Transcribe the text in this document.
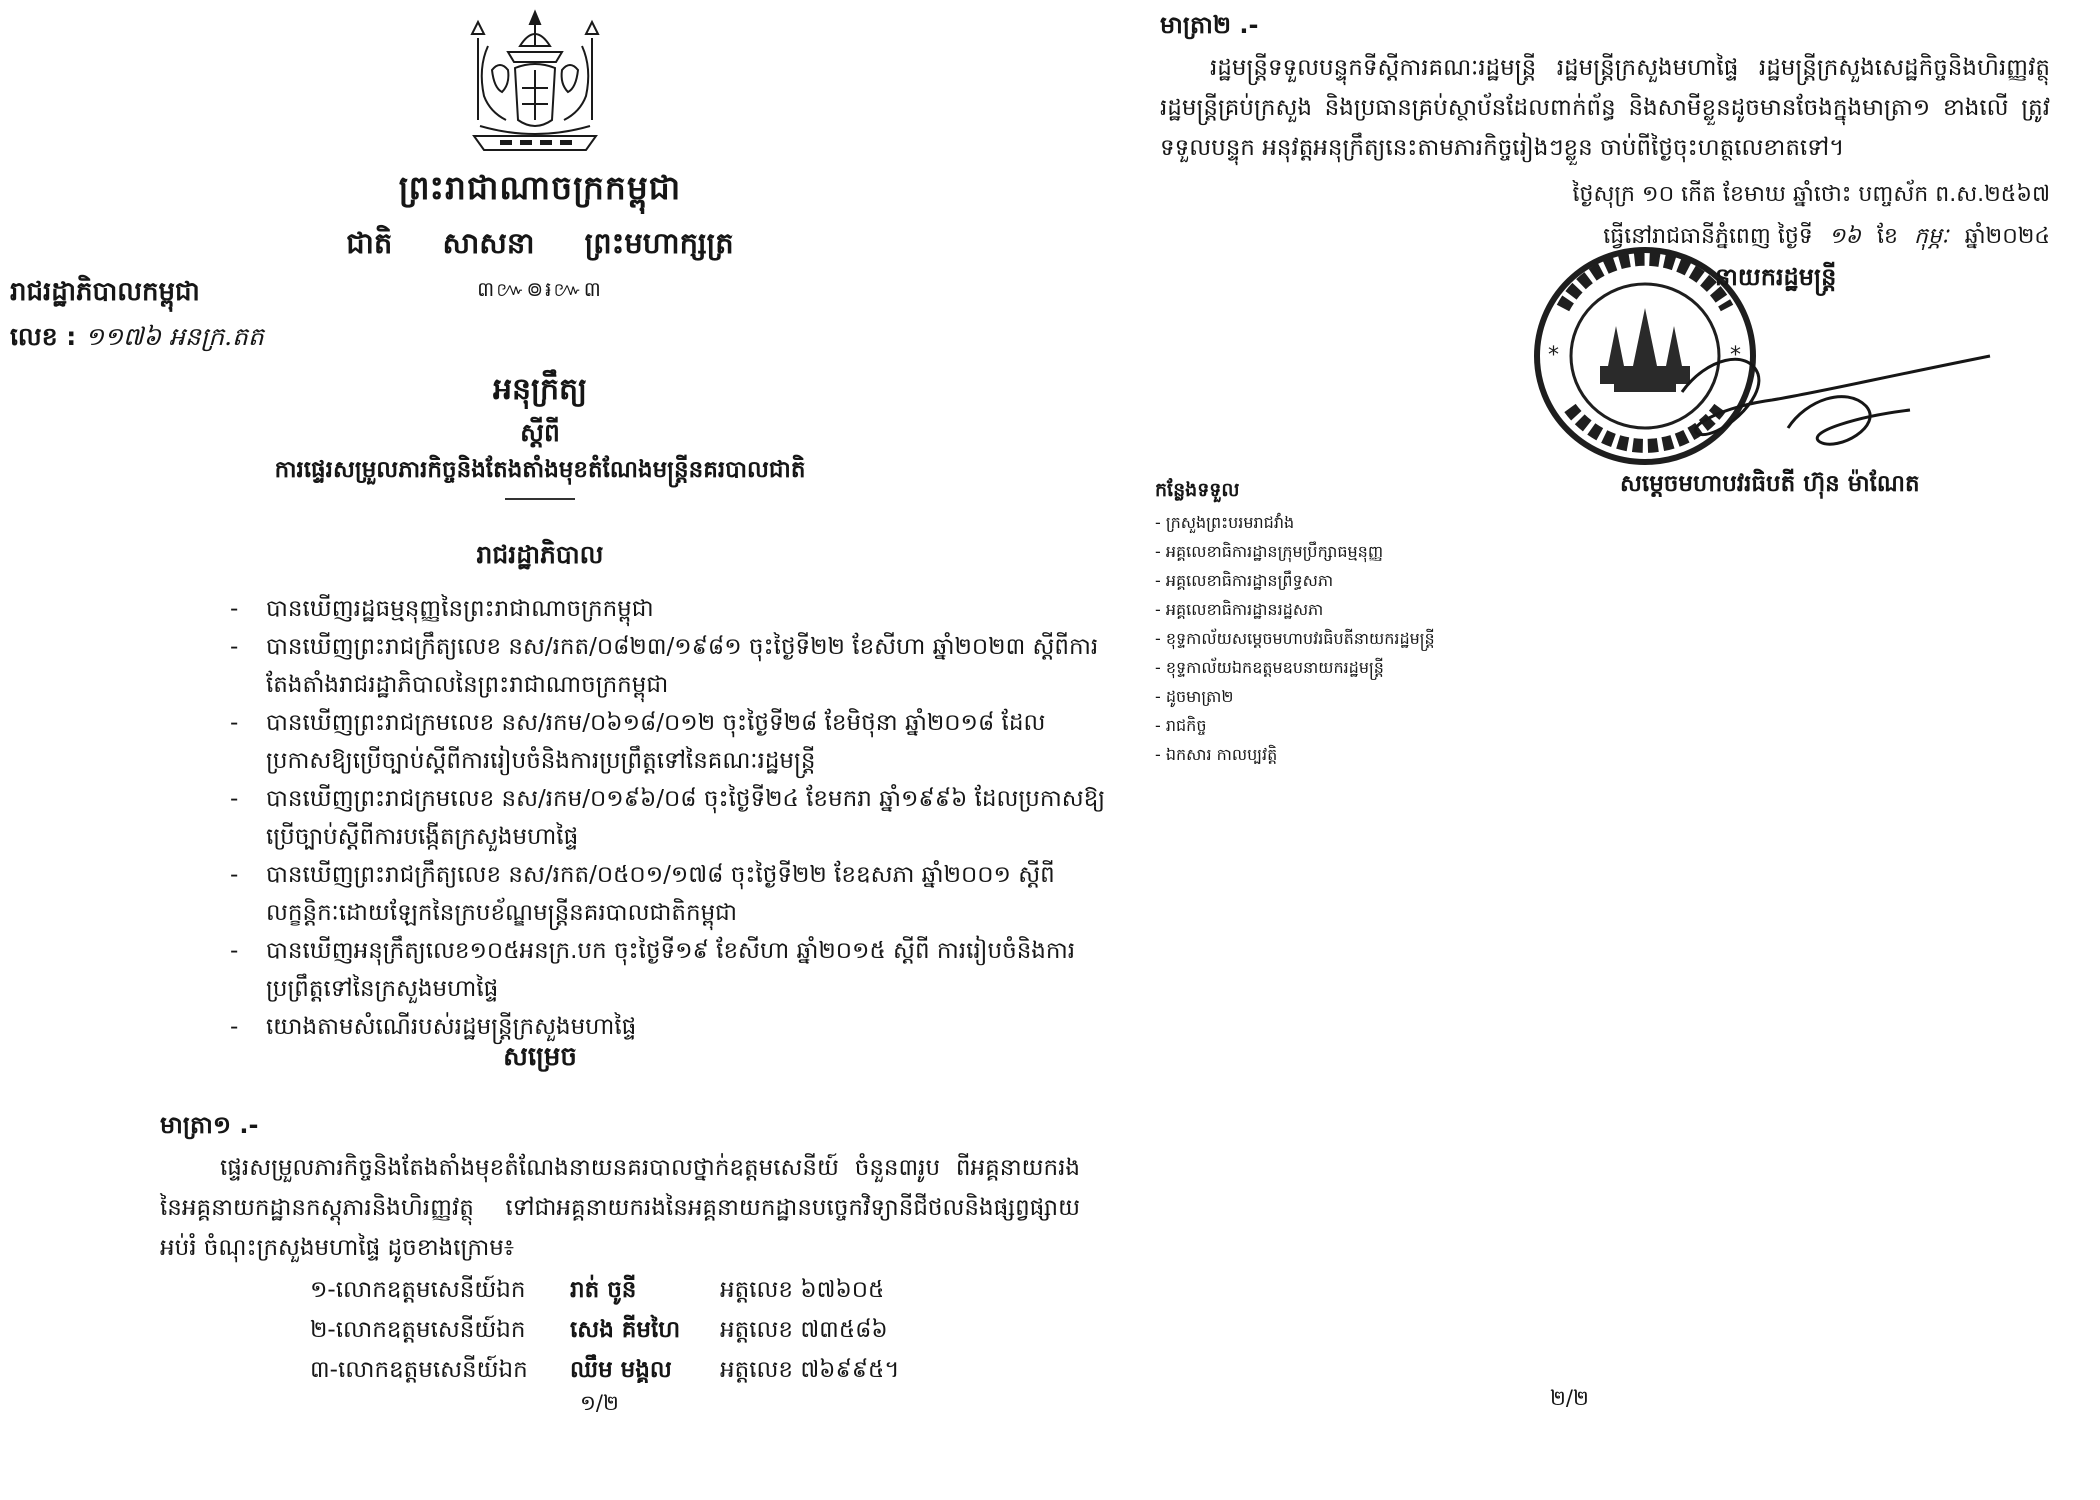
ព្រះរាជាណាចក្រកម្ពុជា
ជាតិ សាសនា ព្រះមហាក្សត្រ
៣៚៙៛៚៣
រាជរដ្ឋាភិបាលកម្ពុជា
លេខ : ១១៧៦ អនក្រ.តត
អនុក្រឹត្យ
ស្ដីពី
ការផ្ទេរសម្រួលភារកិច្ចនិងតែងតាំងមុខតំណែងមន្ត្រីនគរបាលជាតិ
រាជរដ្ឋាភិបាល
- បានឃើញរដ្ឋធម្មនុញ្ញនៃព្រះរាជាណាចក្រកម្ពុជា
- បានឃើញព្រះរាជក្រឹត្យលេខ នស/រកត/០៨២៣/១៩៨១ ចុះថ្ងៃទី២២ ខែសីហា ឆ្នាំ២០២៣ ស្ដីពីការតែងតាំងរាជរដ្ឋាភិបាលនៃព្រះរាជាណាចក្រកម្ពុជា
- បានឃើញព្រះរាជក្រមលេខ នស/រកម/០៦១៨/០១២ ចុះថ្ងៃទី២៨ ខែមិថុនា ឆ្នាំ២០១៨ ដែលប្រកាសឱ្យប្រើច្បាប់ស្ដីពីការរៀបចំនិងការប្រព្រឹត្តទៅនៃគណៈរដ្ឋមន្ត្រី
- បានឃើញព្រះរាជក្រមលេខ នស/រកម/០១៩៦/០៨ ចុះថ្ងៃទី២៤ ខែមករា ឆ្នាំ១៩៩៦ ដែលប្រកាសឱ្យប្រើច្បាប់ស្ដីពីការបង្កើតក្រសួងមហាផ្ទៃ
- បានឃើញព្រះរាជក្រឹត្យលេខ នស/រកត/០៥០១/១៧៨ ចុះថ្ងៃទី២២ ខែឧសភា ឆ្នាំ២០០១ ស្ដីពីលក្ខន្តិកៈដោយឡែកនៃក្របខ័ណ្ឌមន្ត្រីនគរបាលជាតិកម្ពុជា
- បានឃើញអនុក្រឹត្យលេខ១០៥អនក្រ.បក ចុះថ្ងៃទី១៩ ខែសីហា ឆ្នាំ២០១៥ ស្ដីពី ការរៀបចំនិងការប្រព្រឹត្តទៅនៃក្រសួងមហាផ្ទៃ
- យោងតាមសំណើរបស់រដ្ឋមន្ត្រីក្រសួងមហាផ្ទៃ
សម្រេច
មាត្រា១ .-

ផ្ទេរសម្រួលភារកិច្ចនិងតែងតាំងមុខតំណែងនាយនគរបាលថ្នាក់ឧត្ដមសេនីយ៍ ចំនួន៣រូប ពីអគ្គនាយករងនៃអគ្គនាយកដ្ឋានកស្ដុភារនិងហិរញ្ញវត្ថុ ទៅជាអគ្គនាយករងនៃអគ្គនាយកដ្ឋានបច្ចេកវិទ្យានីជីថលនិងផ្សព្វផ្សាយអប់រំ ចំណុះក្រសួងមហាផ្ទៃ ដូចខាងក្រោម៖

១-លោកឧត្ដមសេនីយ៍ឯក រាត់ ចូនី	អត្តលេខ ៦៧៦០៥
២-លោកឧត្ដមសេនីយ៍ឯក សេង គីមហៃ អត្តលេខ ៧៣៥៨៦
៣-លោកឧត្ដមសេនីយ៍ឯក ឈឹម មង្គល អត្តលេខ ៧៦៩៩៥។
១/២
មាត្រា២ .-

រដ្ឋមន្ត្រីទទួលបន្ទុកទីស្ដីការគណៈរដ្ឋមន្ត្រី រដ្ឋមន្ត្រីក្រសួងមហាផ្ទៃ រដ្ឋមន្ត្រីក្រសួងសេដ្ឋកិច្ចនិងហិរញ្ញវត្ថុ រដ្ឋមន្ត្រីគ្រប់ក្រសួង និងប្រធានគ្រប់ស្ថាប័នដែលពាក់ព័ន្ធ និងសាមីខ្លួនដូចមានចែងក្នុងមាត្រា១ ខាងលើ ត្រូវទទួលបន្ទុក អនុវត្តអនុក្រឹត្យនេះតាមភារកិច្ចរៀងៗខ្លួន ចាប់ពីថ្ងៃចុះហត្ថលេខាតទៅ។

ថ្ងៃសុក្រ ១០ កើត ខែមាឃ ឆ្នាំថោះ បញ្ចស័ក ព.ស.២៥៦៧
ធ្វើនៅរាជធានីភ្នំពេញ ថ្ងៃទី ១៦ ខែ កុម្ភៈ ឆ្នាំ២០២៤
*	*
នាយករដ្ឋមន្ត្រី
សម្ដេចមហាបវរធិបតី ហ៊ុន ម៉ាណែត
កន្លែងទទួល
- ក្រសួងព្រះបរមរាជវាំង
- អគ្គលេខាធិការដ្ឋានក្រុមប្រឹក្សាធម្មនុញ្ញ
- អគ្គលេខាធិការដ្ឋានព្រឹទ្ធសភា
- អគ្គលេខាធិការដ្ឋានរដ្ឋសភា
- ខុទ្ទកាល័យសម្ដេចមហាបវរធិបតីនាយករដ្ឋមន្ត្រី
- ខុទ្ទកាល័យឯកឧត្ដមឧបនាយករដ្ឋមន្ត្រី
- ដូចមាត្រា២
- រាជកិច្ច
- ឯកសារ កាលប្បវត្តិ
២/២
